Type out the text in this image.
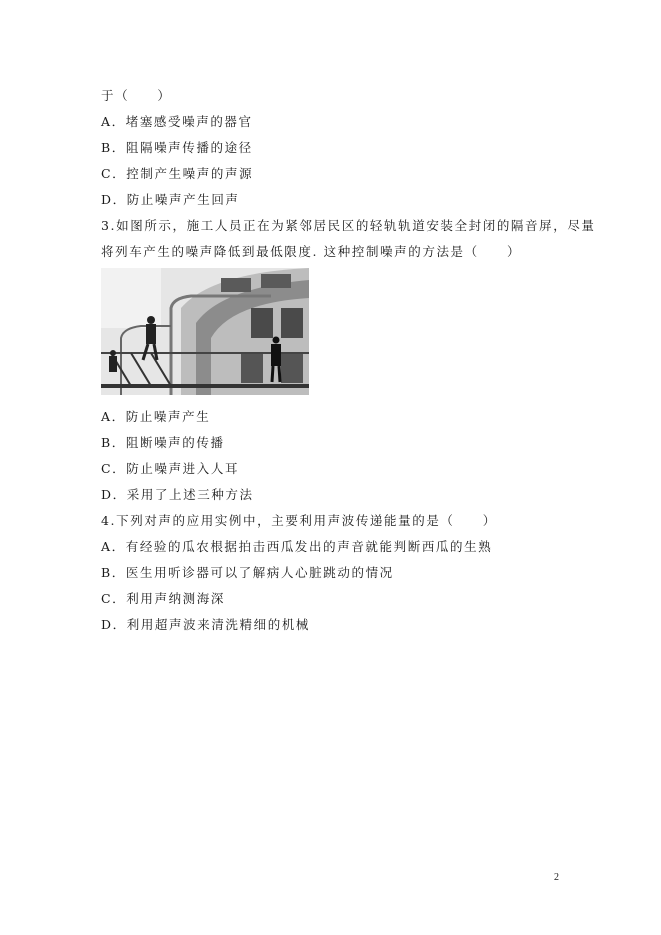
于（　　）
A．堵塞感受噪声的器官
B．阻隔噪声传播的途径
C．控制产生噪声的声源
D．防止噪声产生回声
3.如图所示，施工人员正在为紧邻居民区的轻轨轨道安装全封闭的隔音屏，尽量
将列车产生的噪声降低到最低限度. 这种控制噪声的方法是（　　）
A．防止噪声产生
B．阻断噪声的传播
C．防止噪声进入人耳
D．采用了上述三种方法
4.下列对声的应用实例中，主要利用声波传递能量的是（　　）
A．有经验的瓜农根据拍击西瓜发出的声音就能判断西瓜的生熟
B．医生用听诊器可以了解病人心脏跳动的情况
C．利用声纳测海深
D．利用超声波来清洗精细的机械
2
